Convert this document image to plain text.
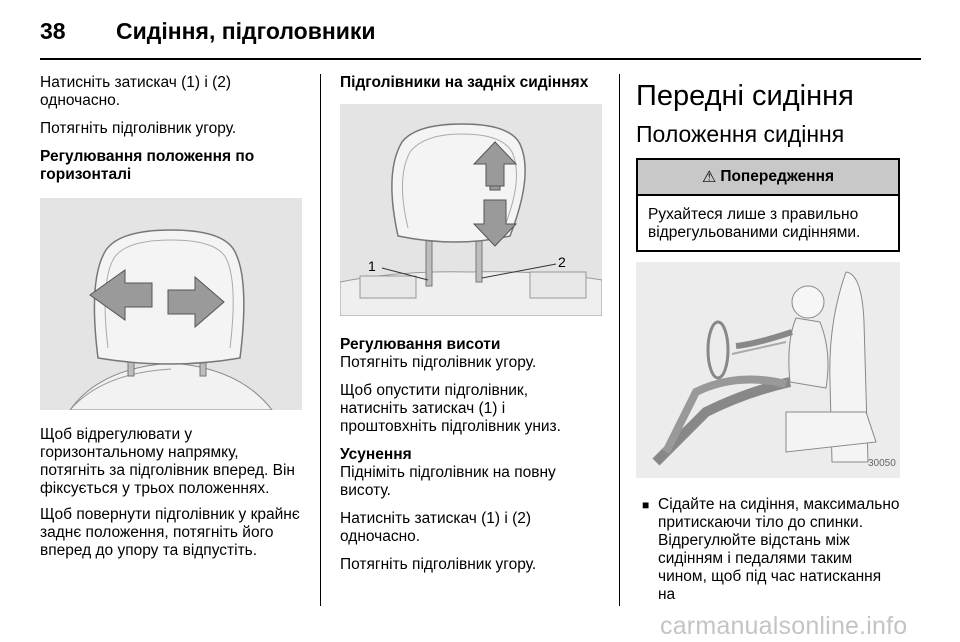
38 Сидіння, підголовники

Натисніть затискач (1) і (2) одночасно.

Потягніть підголівник угору.

Регулювання положення по горизонталі

Щоб відрегулювати у горизонтальному напрямку, потягніть за підголівник вперед. Він фіксується у трьох положеннях.

Щоб повернути підголівник у крайнє заднє положення, потягніть його вперед до упору та відпустіть.

Підголівники на задніх сидіннях

1	2

Регулювання висоти

Потягніть підголівник угору.

Щоб опустити підголівник, натисніть затискач (1) і проштовхніть підголівник униз.

Усунення

Підніміть підголівник на повну висоту.

Натисніть затискач (1) і (2) одночасно.

Потягніть підголівник угору.

Передні сидіння
Положення сидіння
⚠ Попередження
Рухайтеся лише з правильно відрегульованими сидіннями.
30050
■ Сідайте на сидіння, максимально притискаючи тіло до спинки. Відрегулюйте відстань між сидінням і педалями таким чином, щоб під час натискання на
carmanualsonline.info
